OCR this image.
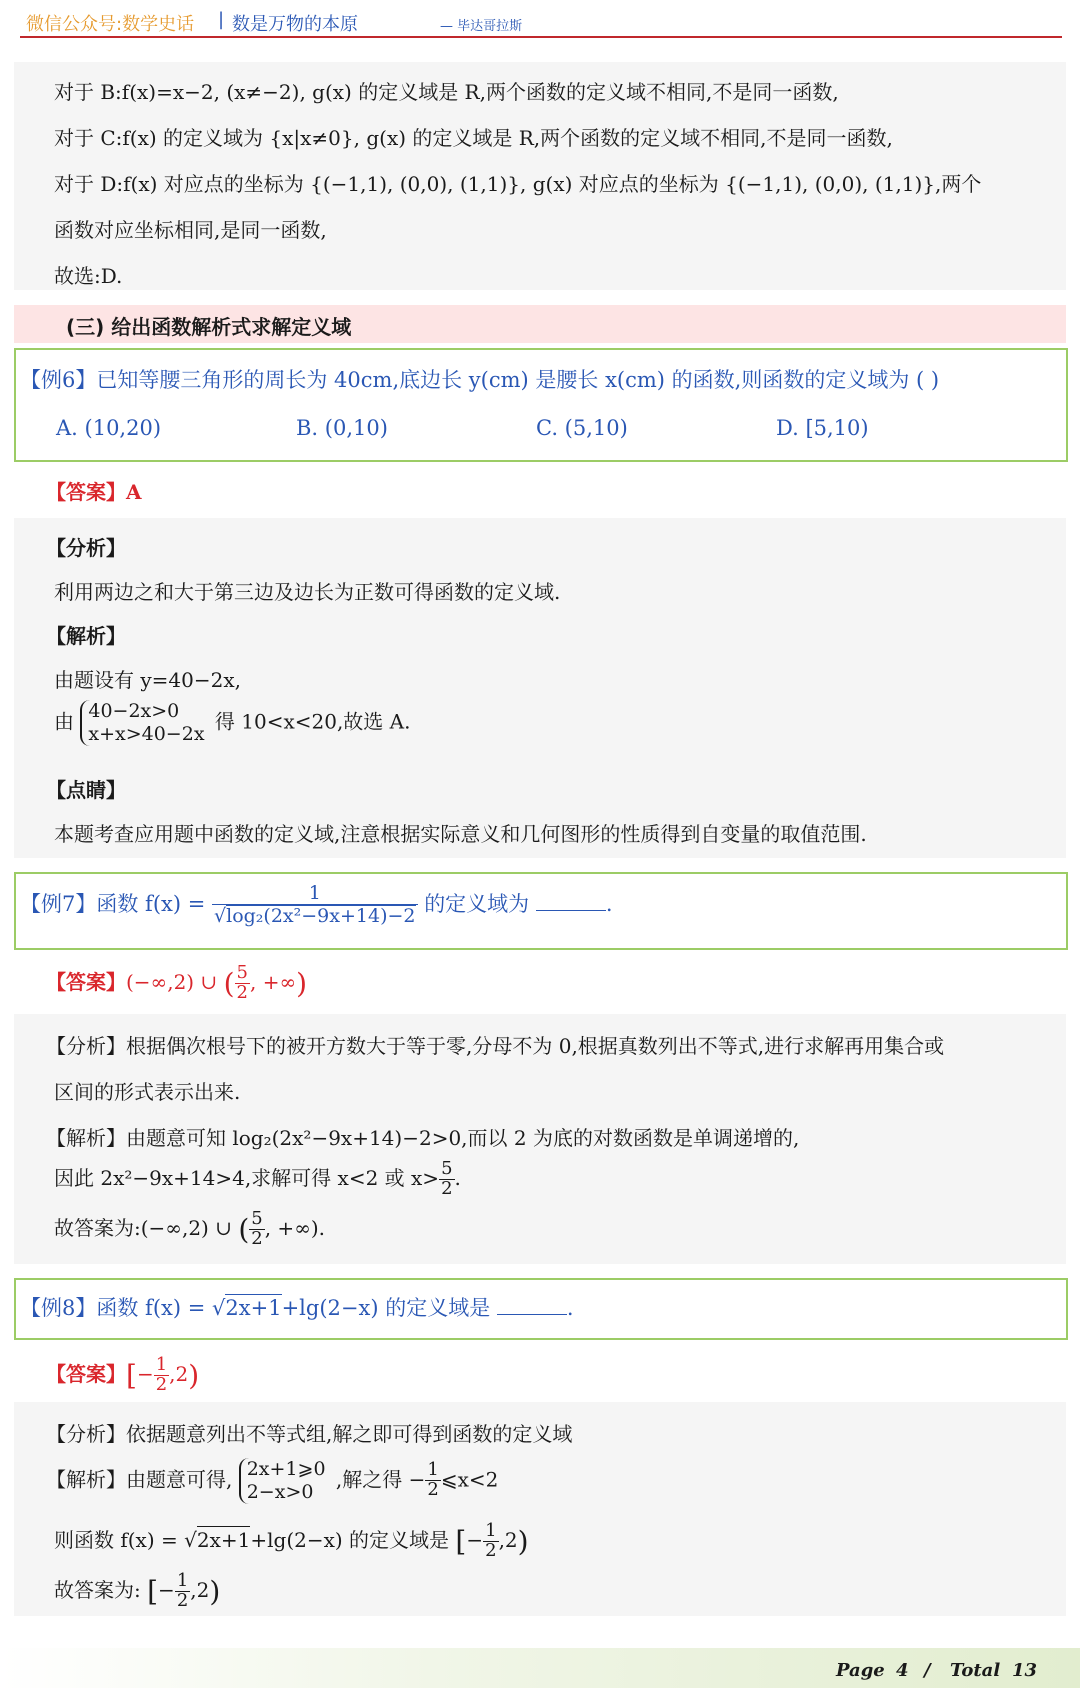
微信公众号:数学史话 | 数是万物的本原	— 毕达哥拉斯
对于 B:f(x)=x−2, (x≠−2), g(x) 的定义域是 R,两个函数的定义域不相同,不是同一函数,
对于 C:f(x) 的定义域为 {x|x≠0}, g(x) 的定义域是 R,两个函数的定义域不相同,不是同一函数,
对于 D:f(x) 对应点的坐标为 {(−1,1), (0,0), (1,1)}, g(x) 对应点的坐标为 {(−1,1), (0,0), (1,1)},两个
函数对应坐标相同,是同一函数,
故选:D.
(三) 给出函数解析式求解定义域
【例6】已知等腰三角形的周长为 40cm,底边长 y(cm) 是腰长 x(cm) 的函数,则函数的定义域为 ( )
A. (10,20)	B. (0,10)	C. (5,10)	D. [5,10)
【答案】A
【分析】
利用两边之和大于第三边及边长为正数可得函数的定义域.
【解析】
由题设有 y=40−2x,
由 40−2x>0
x+x>40−2x
得 10<x<20,故选 A.
【点睛】
本题考查应用题中函数的定义域,注意根据实际意义和几何图形的性质得到自变量的取值范围.
【例7】函数 $f(x) = \frac{1}{\text{√log₂(2x²−9x+14)−2}}$ 的定义域为	.
【答案】(−∞,2) ∪ ( $\frac{5}{2}$ , +∞)
【分析】根据偶次根号下的被开方数大于等于零,分母不为 0,根据真数列出不等式,进行求解再用集合或
区间的形式表示出来.
【解析】由题意可知 log₂(2x²−9x+14)−2>0,而以 2 为底的对数函数是单调递增的,
因此 2x²−9x+14>4,求解可得 x<2 或 $x> \frac{5}{2}$ .
故答案为:(−∞,2) ∪ ( $\frac{5}{2}$ , +∞).
【例8】函数 f(x) = √2x+1+lg(2−x) 的定义域是	.
【答案】[− $\frac{1}{2} ,2$)
【分析】依据题意列出不等式组,解之即可得到函数的定义域
【解析】由题意可得, 2x+1⩾0
2−x>0
,解之得 − $\frac{1}{2}$ ⩽x<2
则函数 f(x) = √2x+1+lg(2−x) 的定义域是 [− $\frac{1}{2} ,2$)
故答案为: [− $\frac{1}{2} ,2$)
Page 4 / Total 13
